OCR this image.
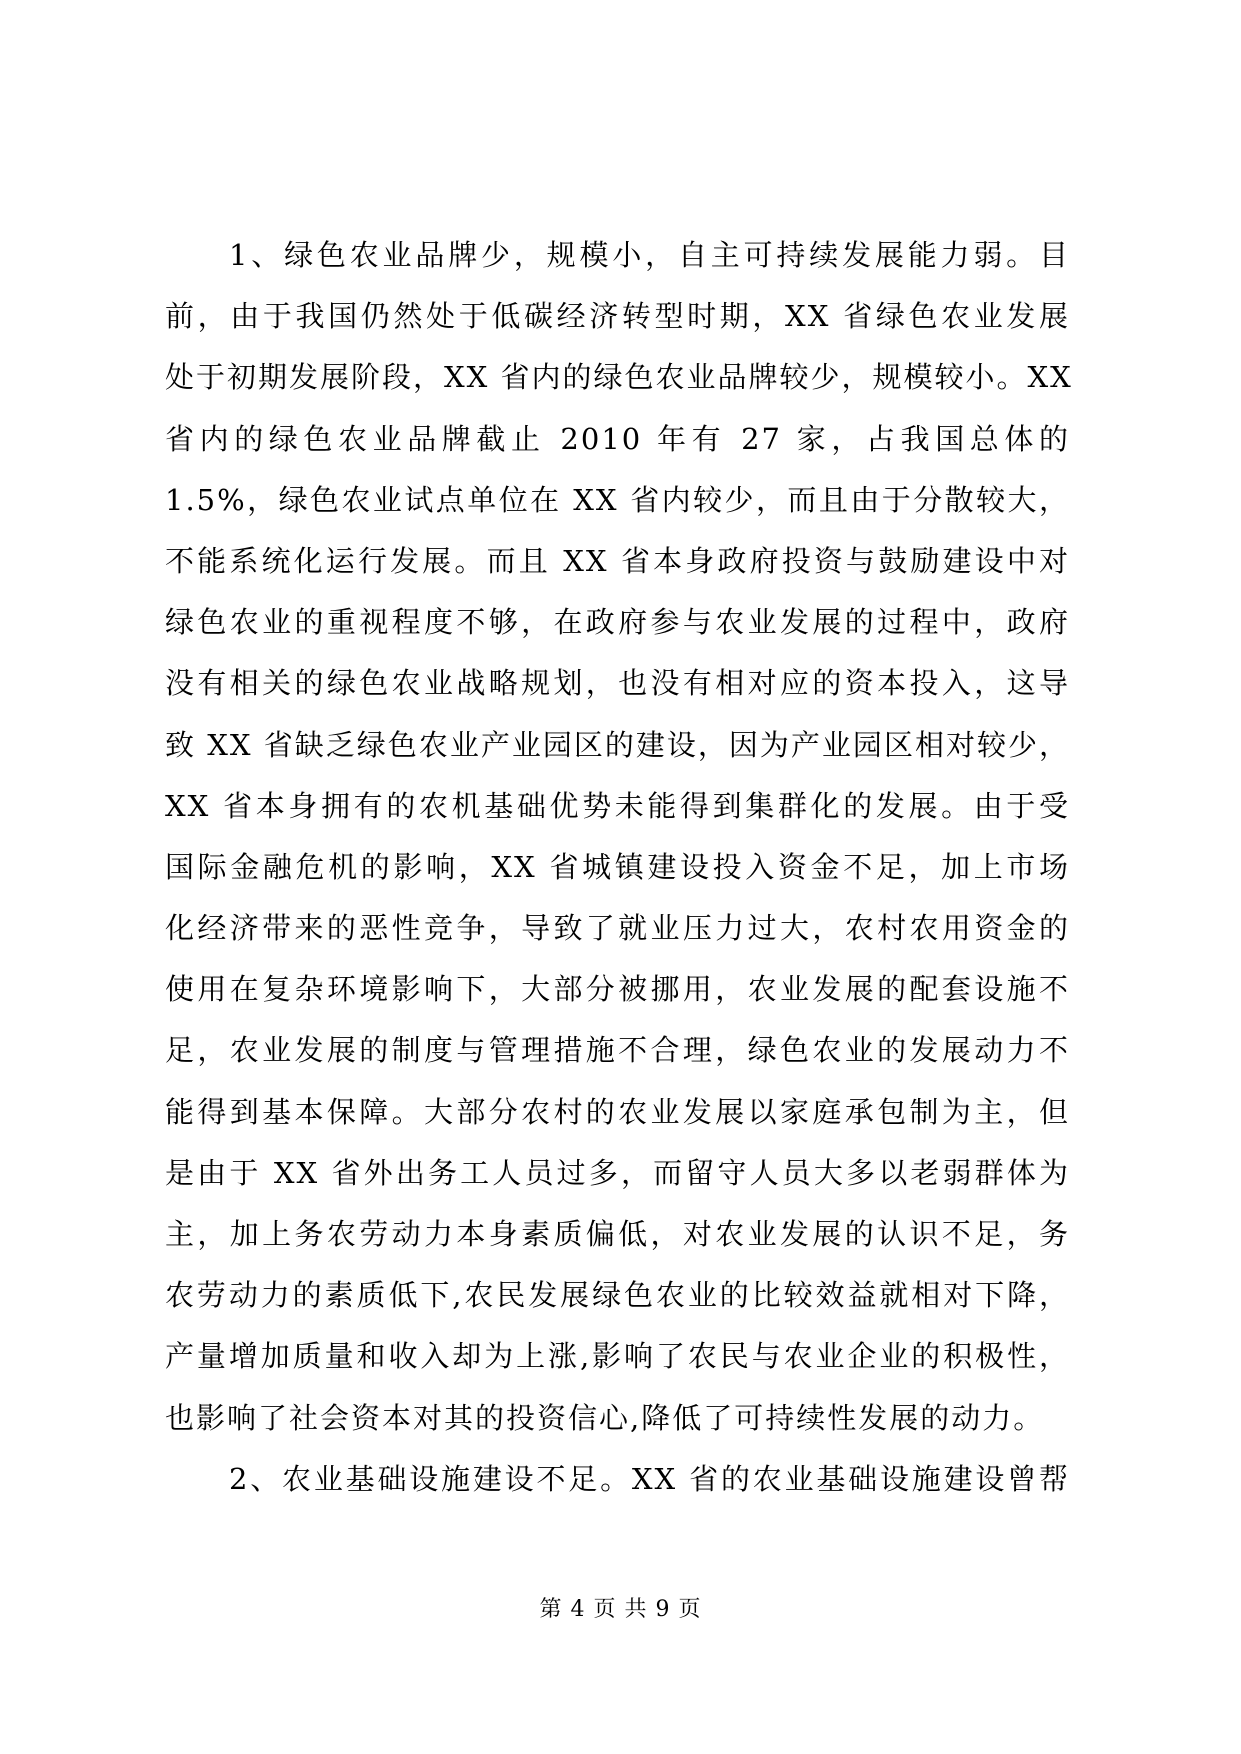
1、绿色农业品牌少，规模小，自主可持续发展能力弱。目
前，由于我国仍然处于低碳经济转型时期，XX 省绿色农业发展
处于初期发展阶段，XX 省内的绿色农业品牌较少，规模较小。XX
省内的绿色农业品牌截止 2010 年有 27 家，占我国总体的
1.5%，绿色农业试点单位在 XX 省内较少，而且由于分散较大，
不能系统化运行发展。而且 XX 省本身政府投资与鼓励建设中对
绿色农业的重视程度不够，在政府参与农业发展的过程中，政府
没有相关的绿色农业战略规划，也没有相对应的资本投入，这导
致 XX 省缺乏绿色农业产业园区的建设，因为产业园区相对较少，
XX 省本身拥有的农机基础优势未能得到集群化的发展。由于受
国际金融危机的影响，XX 省城镇建设投入资金不足，加上市场
化经济带来的恶性竞争，导致了就业压力过大，农村农用资金的
使用在复杂环境影响下，大部分被挪用，农业发展的配套设施不
足，农业发展的制度与管理措施不合理，绿色农业的发展动力不
能得到基本保障。大部分农村的农业发展以家庭承包制为主，但
是由于 XX 省外出务工人员过多，而留守人员大多以老弱群体为
主，加上务农劳动力本身素质偏低，对农业发展的认识不足，务
农劳动力的素质低下,农民发展绿色农业的比较效益就相对下降，
产量增加质量和收入却为上涨,影响了农民与农业企业的积极性，
也影响了社会资本对其的投资信心,降低了可持续性发展的动力。
2、农业基础设施建设不足。XX 省的农业基础设施建设曾帮
第 4 页 共 9 页
